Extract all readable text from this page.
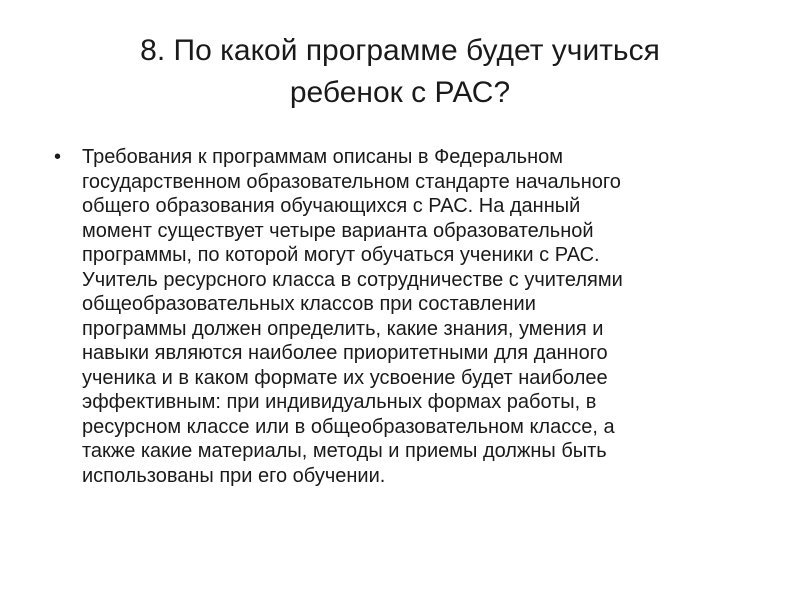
8. По какой программе будет учиться
ребенок с РАС?
• Требования к программам описаны в Федеральном
государственном образовательном стандарте начального
общего образования обучающихся с РАС. На данный
момент существует четыре варианта образовательной
программы, по которой могут обучаться ученики с РАС.
Учитель ресурсного класса в сотрудничестве с учителями
общеобразовательных классов при составлении
программы должен определить, какие знания, умения и
навыки являются наиболее приоритетными для данного
ученика и в каком формате их усвоение будет наиболее
эффективным: при индивидуальных формах работы, в
ресурсном классе или в общеобразовательном классе, а
также какие материалы, методы и приемы должны быть
использованы при его обучении.
